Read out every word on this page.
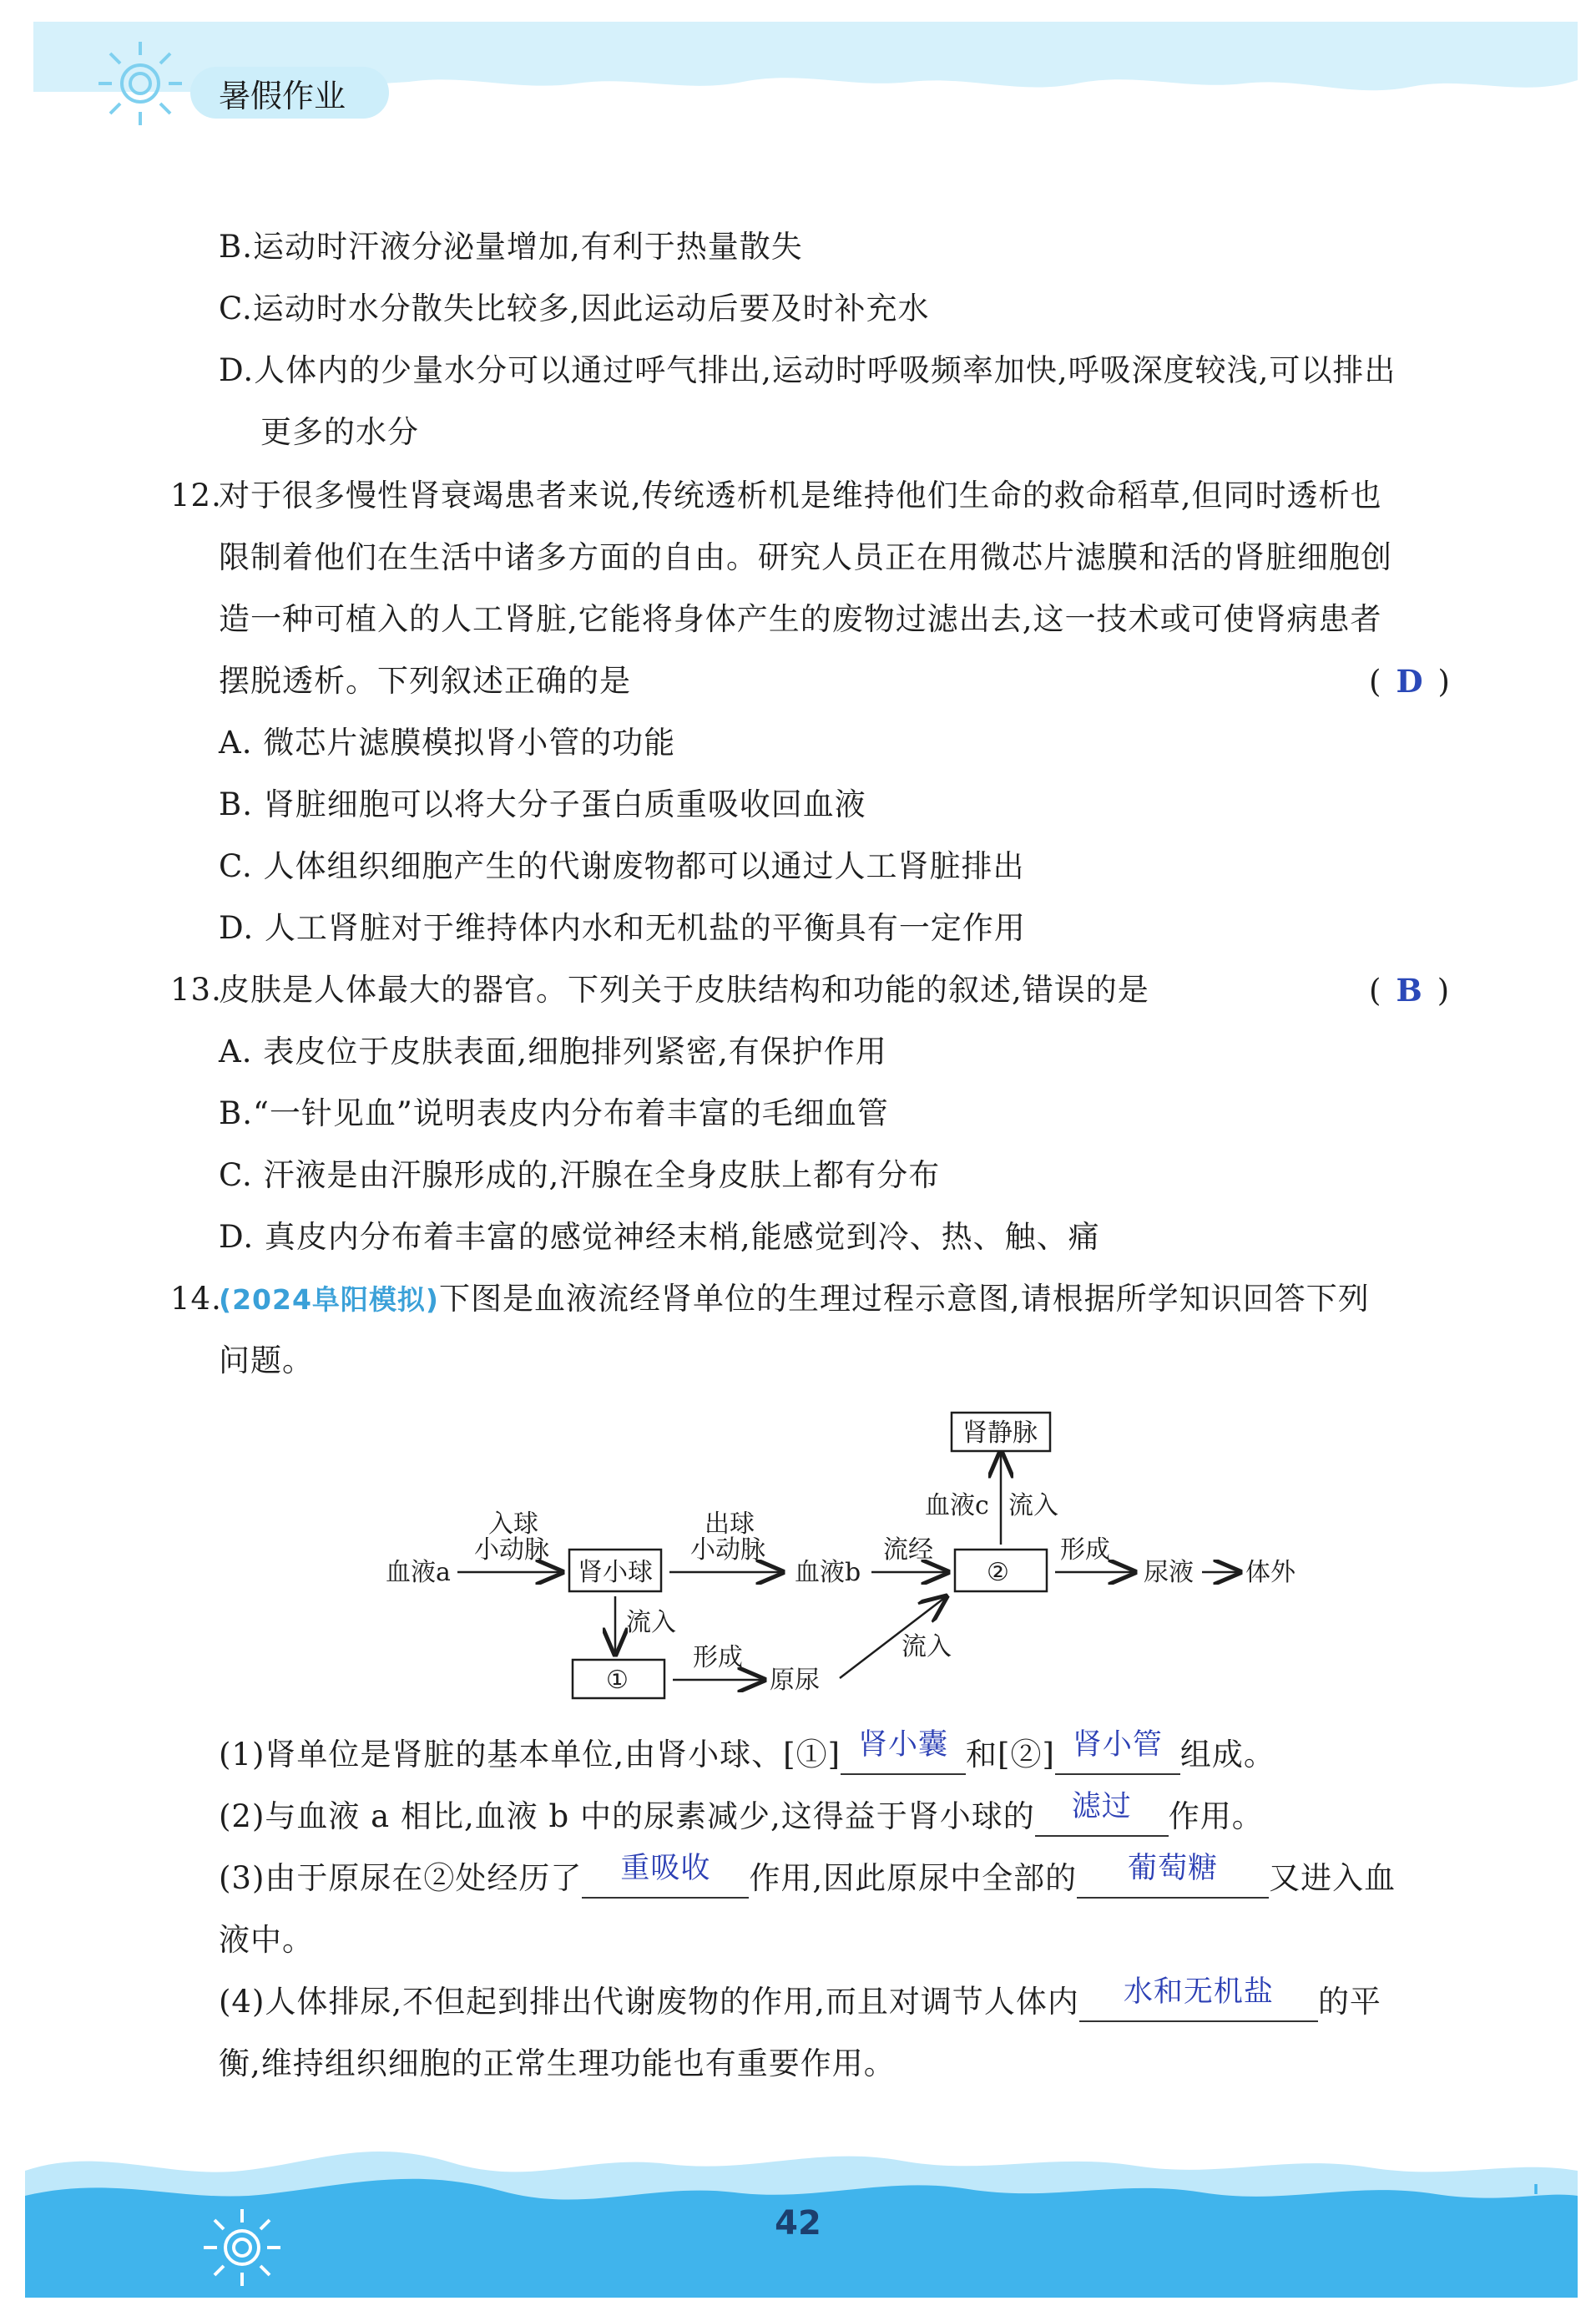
暑假作业
B.运动时汗液分泌量增加,有利于热量散失
C.运动时水分散失比较多,因此运动后要及时补充水
D.人体内的少量水分可以通过呼气排出,运动时呼吸频率加快,呼吸深度较浅,可以排出
更多的水分
12.
对于很多慢性肾衰竭患者来说,传统透析机是维持他们生命的救命稻草,但同时透析也
限制着他们在生活中诸多方面的自由。研究人员正在用微芯片滤膜和活的肾脏细胞创
造一种可植入的人工肾脏,它能将身体产生的废物过滤出去,这一技术或可使肾病患者
摆脱透析。下列叙述正确的是	( D )
A. 微芯片滤膜模拟肾小管的功能
B. 肾脏细胞可以将大分子蛋白质重吸收回血液
C. 人体组织细胞产生的代谢废物都可以通过人工肾脏排出
D. 人工肾脏对于维持体内水和无机盐的平衡具有一定作用
13.
皮肤是人体最大的器官。下列关于皮肤结构和功能的叙述,错误的是	( B )
A. 表皮位于皮肤表面,细胞排列紧密,有保护作用
B.“一针见血”说明表皮内分布着丰富的毛细血管
C. 汗液是由汗腺形成的,汗腺在全身皮肤上都有分布
D. 真皮内分布着丰富的感觉神经末梢,能感觉到冷、热、触、痛
14.
(2024阜阳模拟)下图是血液流经肾单位的生理过程示意图,请根据所学知识回答下列
问题。
血液a
入球
小动脉
肾小球
出球
小动脉
血液b
流经
②
形成
尿液 体外
血液c 流入
肾静脉
流入
①
形成
原尿
流入
(1)肾单位是肾脏的基本单位,由肾小球、[①] 肾小囊 和[②] 肾小管 组成。
(2)与血液 a 相比,血液 b 中的尿素减少,这得益于肾小球的	滤过	作用。
(3)由于原尿在②处经历了	重吸收	作用,因此原尿中全部的	葡萄糖	又进入血
液中。
(4)人体排尿,不但起到排出代谢废物的作用,而且对调节人体内	水和无机盐	的平
衡,维持组织细胞的正常生理功能也有重要作用。
42
